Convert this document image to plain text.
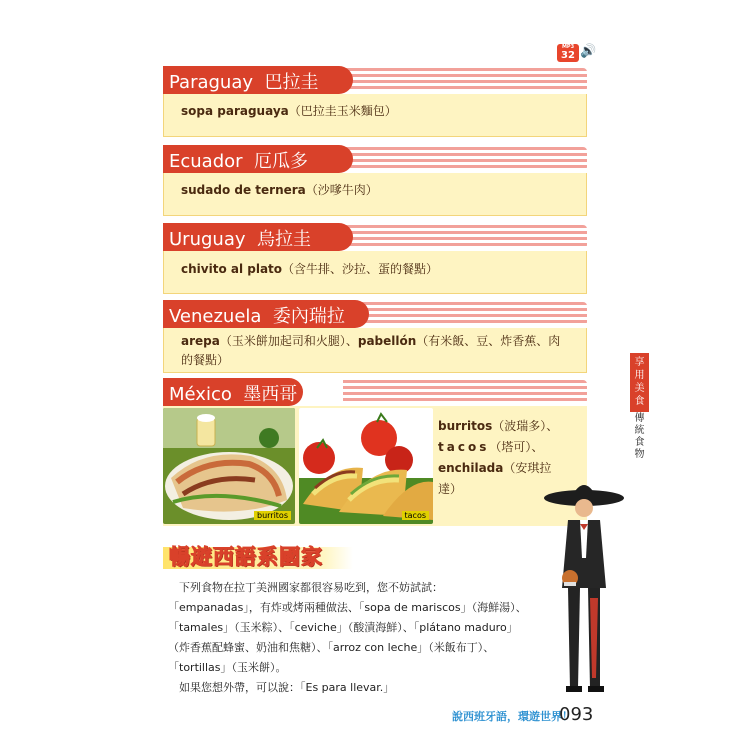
MP3
32 🔊
Paraguay 巴拉圭
sopa paraguaya（巴拉圭玉米麵包）
Ecuador 厄瓜多
sudado de ternera（沙嗲牛肉）
Uruguay 烏拉圭
chivito al plato（含牛排、沙拉、蛋的餐點）
Venezuela 委內瑞拉
arepa（玉米餅加起司和火腿）、pabellón（有米飯、豆、炸香蕉、肉
的餐點）
México 墨西哥
burritos	tacos
burritos（波瑞多）、
tacos（塔可）、
enchilada（安琪拉
達）
享用美食
傳統食物
暢遊西語系國家
　下列食物在拉丁美洲國家都很容易吃到，您不妨試試：
「empanadas」，有炸或烤兩種做法、「sopa de mariscos」（海鮮湯）、
「tamales」（玉米粽）、「ceviche」（酸漬海鮮）、「plátano maduro」
（炸香蕉配蜂蜜、奶油和焦糖）、「arroz con leche」（米飯布丁）、
「tortillas」（玉米餅）。
　如果您想外帶，可以說：「Es para llevar.」
說西班牙語，環遊世界！
093
